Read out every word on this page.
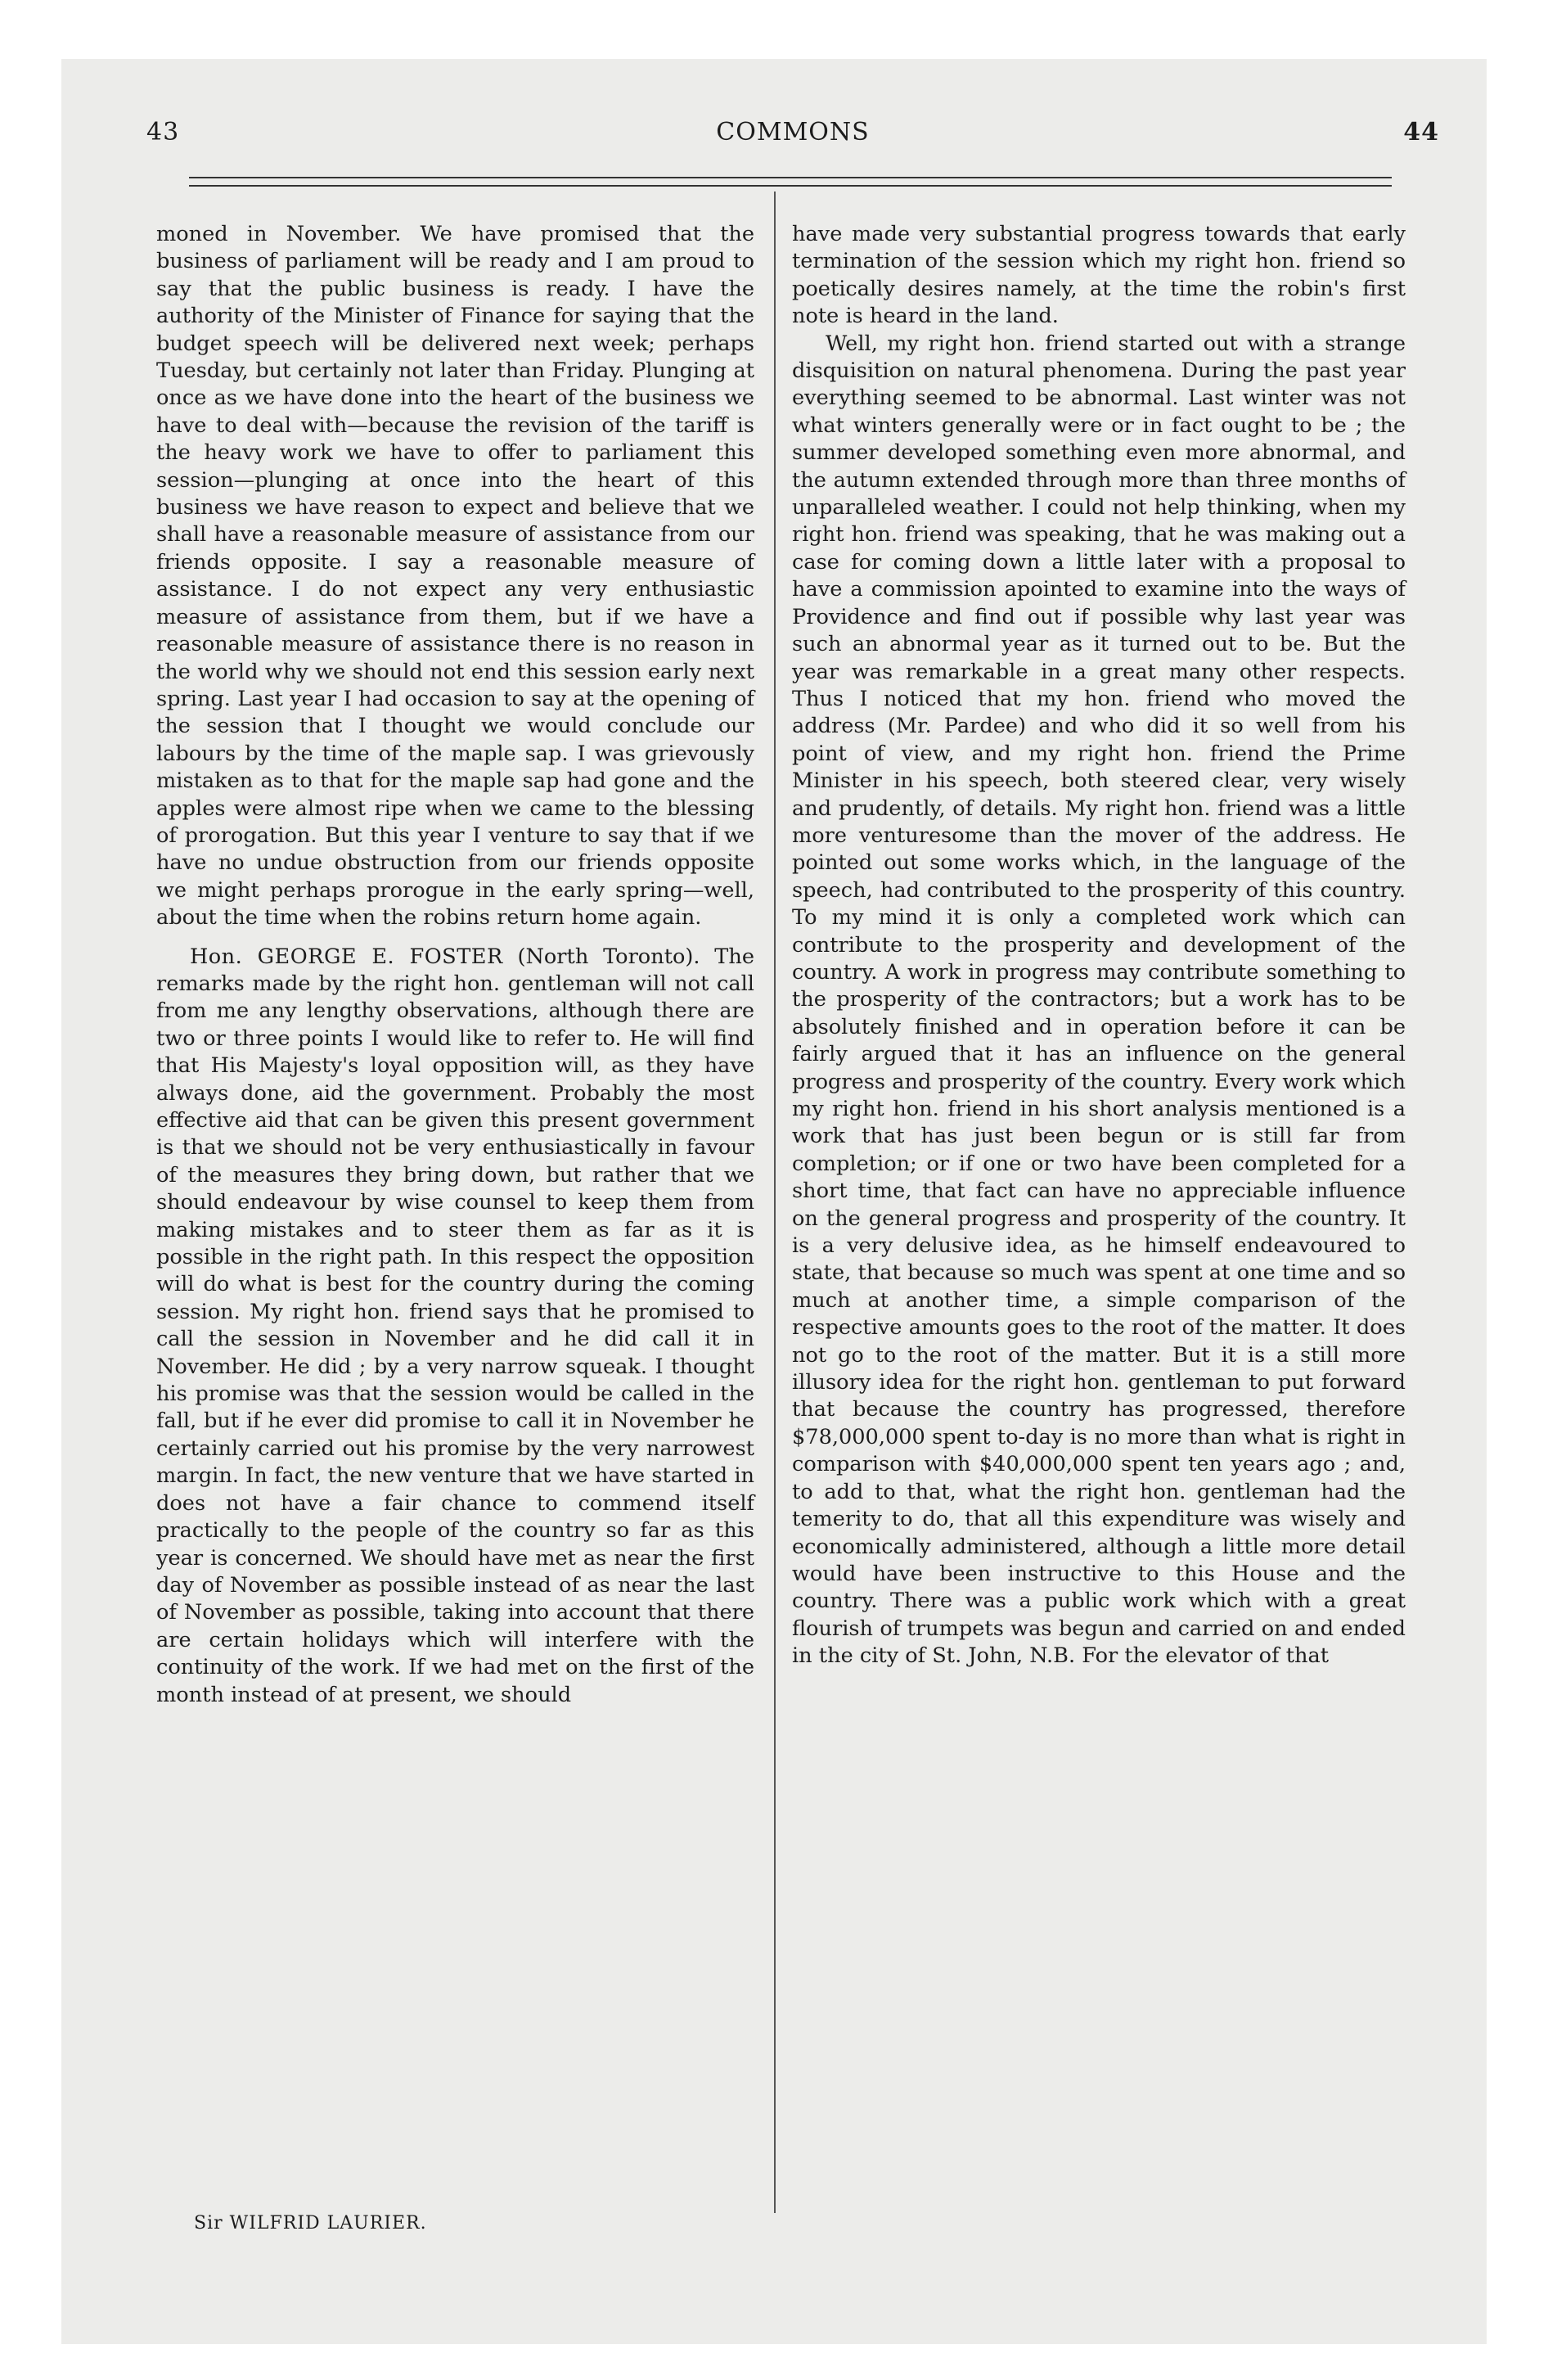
43	COMMONS	44

moned in November. We have promised that the business of parliament will be ready and I am proud to say that the public business is ready. I have the authority of the Minister of Finance for saying that the budget speech will be delivered next week; perhaps Tuesday, but certainly not later than Friday. Plunging at once as we have done into the heart of the business we have to deal with—because the revision of the tariff is the heavy work we have to offer to parliament this session—plunging at once into the heart of this business we have reason to expect and believe that we shall have a reasonable measure of assistance from our friends opposite. I say a reasonable measure of assistance. I do not expect any very enthusiastic measure of assistance from them, but if we have a reasonable measure of assistance there is no reason in the world why we should not end this session early next spring. Last year I had occasion to say at the opening of the session that I thought we would conclude our labours by the time of the maple sap. I was grievously mistaken as to that for the maple sap had gone and the apples were almost ripe when we came to the blessing of prorogation. But this year I venture to say that if we have no undue obstruction from our friends opposite we might perhaps prorogue in the early spring—well, about the time when the robins return home again.

Hon. GEORGE E. FOSTER (North Toronto). The remarks made by the right hon. gentleman will not call from me any lengthy observations, although there are two or three points I would like to refer to. He will find that His Majesty's loyal opposition will, as they have always done, aid the government. Probably the most effective aid that can be given this present government is that we should not be very enthusiastically in favour of the measures they bring down, but rather that we should endeavour by wise counsel to keep them from making mistakes and to steer them as far as it is possible in the right path. In this respect the opposition will do what is best for the country during the coming session. My right hon. friend says that he promised to call the session in November and he did call it in November. He did ; by a very narrow squeak. I thought his promise was that the session would be called in the fall, but if he ever did promise to call it in November he certainly carried out his promise by the very narrowest margin. In fact, the new venture that we have started in does not have a fair chance to commend itself practically to the people of the country so far as this year is concerned. We should have met as near the first day of November as possible instead of as near the last of November as possible, taking into account that there are certain holidays which will interfere with the continuity of the work. If we had met on the first of the month instead of at present, we should

have made very substantial progress towards that early termination of the session which my right hon. friend so poetically desires namely, at the time the robin's first note is heard in the land.

Well, my right hon. friend started out with a strange disquisition on natural phenomena. During the past year everything seemed to be abnormal. Last winter was not what winters generally were or in fact ought to be ; the summer developed something even more abnormal, and the autumn extended through more than three months of unparalleled weather. I could not help thinking, when my right hon. friend was speaking, that he was making out a case for coming down a little later with a proposal to have a commission apointed to examine into the ways of Providence and find out if possible why last year was such an abnormal year as it turned out to be. But the year was remarkable in a great many other respects. Thus I noticed that my hon. friend who moved the address (Mr. Pardee) and who did it so well from his point of view, and my right hon. friend the Prime Minister in his speech, both steered clear, very wisely and prudently, of details. My right hon. friend was a little more venturesome than the mover of the address. He pointed out some works which, in the language of the speech, had contributed to the prosperity of this country. To my mind it is only a completed work which can contribute to the prosperity and development of the country. A work in progress may contribute something to the prosperity of the contractors; but a work has to be absolutely finished and in operation before it can be fairly argued that it has an influence on the general progress and prosperity of the country. Every work which my right hon. friend in his short analysis mentioned is a work that has just been begun or is still far from completion; or if one or two have been completed for a short time, that fact can have no appreciable influence on the general progress and prosperity of the country. It is a very delusive idea, as he himself endeavoured to state, that because so much was spent at one time and so much at another time, a simple comparison of the respective amounts goes to the root of the matter. It does not go to the root of the matter. But it is a still more illusory idea for the right hon. gentleman to put forward that because the country has progressed, therefore $78,000,000 spent to-day is no more than what is right in comparison with $40,000,000 spent ten years ago ; and, to add to that, what the right hon. gentleman had the temerity to do, that all this expenditure was wisely and economically administered, although a little more detail would have been instructive to this House and the country. There was a public work which with a great flourish of trumpets was begun and carried on and ended in the city of St. John, N.B. For the elevator of that

Sir WILFRID LAURIER.
